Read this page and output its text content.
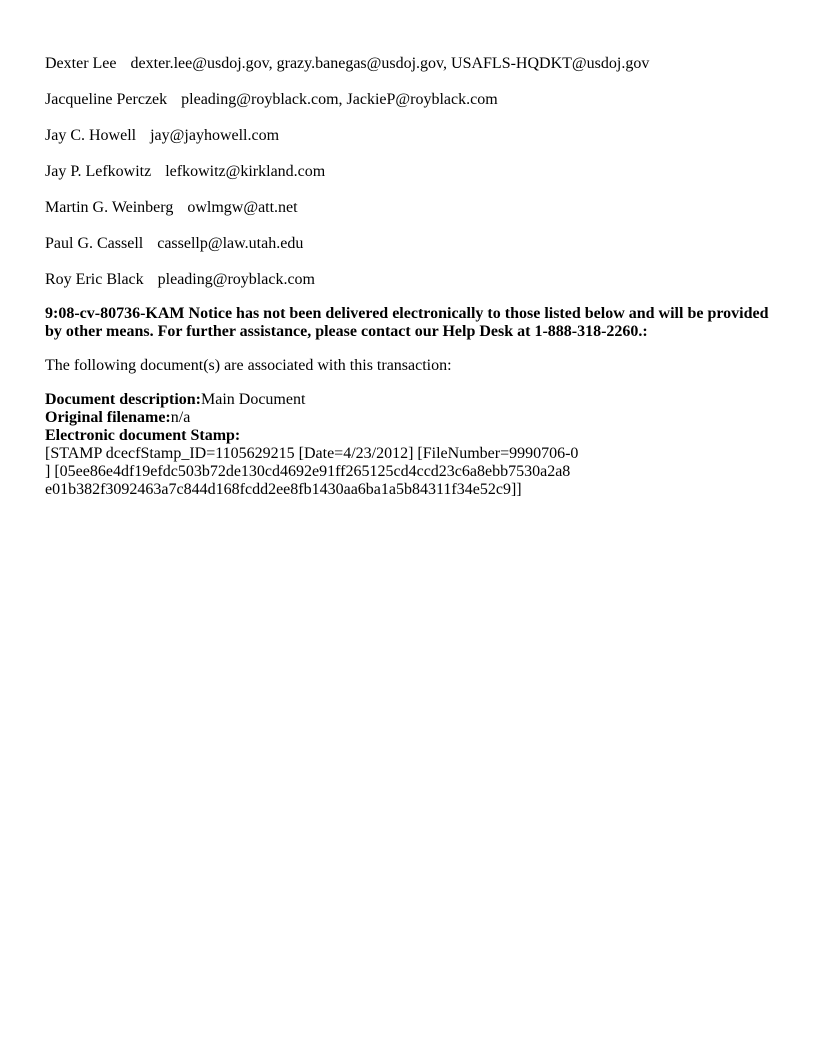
Dexter Lee dexter.lee@usdoj.gov, grazy.banegas@usdoj.gov, USAFLS-HQDKT@usdoj.gov
Jacqueline Perczek pleading@royblack.com, JackieP@royblack.com
Jay C. Howell jay@jayhowell.com
Jay P. Lefkowitz lefkowitz@kirkland.com
Martin G. Weinberg owlmgw@att.net
Paul G. Cassell cassellp@law.utah.edu
Roy Eric Black pleading@royblack.com

9:08-cv-80736-KAM Notice has not been delivered electronically to those listed below and will be provided by other means. For further assistance, please contact our Help Desk at 1-888-318-2260.:

The following document(s) are associated with this transaction:

Document description:Main Document
Original filename:n/a
Electronic document Stamp:
[STAMP dcecfStamp_ID=1105629215 [Date=4/23/2012] [FileNumber=9990706-0
] [05ee86e4df19efdc503b72de130cd4692e91ff265125cd4ccd23c6a8ebb7530a2a8
e01b382f3092463a7c844d168fcdd2ee8fb1430aa6ba1a5b84311f34e52c9]]
